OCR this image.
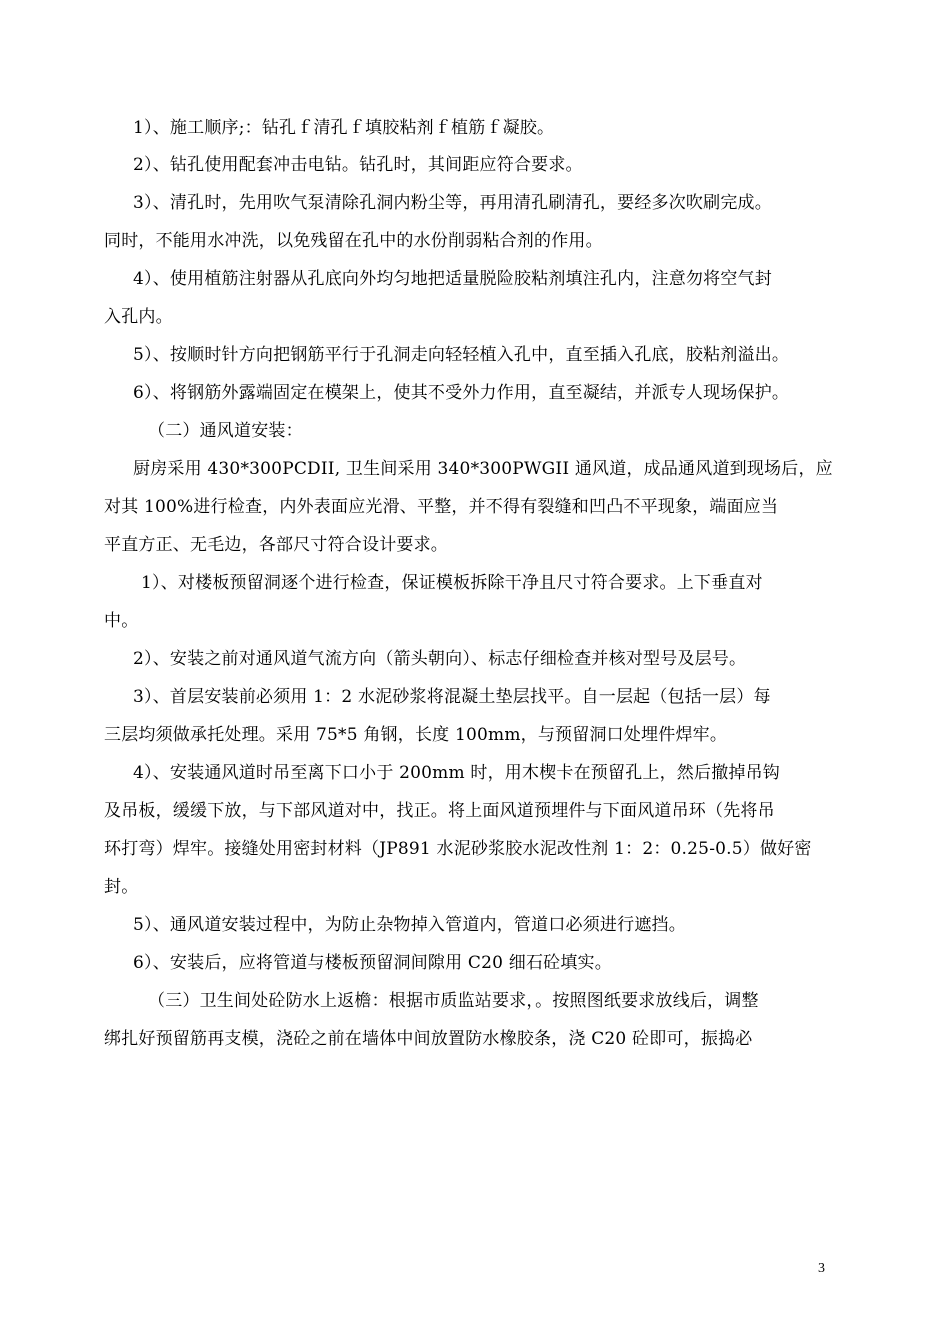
1）、施工顺序;：钻孔ｆ清孔ｆ填胶粘剂ｆ植筋ｆ凝胶。
2）、钻孔使用配套冲击电钻。钻孔时，其间距应符合要求。
3）、清孔时，先用吹气泵清除孔洞内粉尘等，再用清孔刷清孔，要经多次吹刷完成。
同时，不能用水冲洗，以免残留在孔中的水份削弱粘合剂的作用。
4）、使用植筋注射器从孔底向外均匀地把适量脱险胶粘剂填注孔内，注意勿将空气封
入孔内。
5）、按顺时针方向把钢筋平行于孔洞走向轻轻植入孔中，直至插入孔底，胶粘剂溢出。
6）、将钢筋外露端固定在模架上，使其不受外力作用，直至凝结，并派专人现场保护。
（二）通风道安装：
厨房采用 430*300PCDII, 卫生间采用 340*300PWGII 通风道，成品通风道到现场后，应
对其 100%进行检查，内外表面应光滑、平整，并不得有裂缝和凹凸不平现象，端面应当
平直方正、无毛边，各部尺寸符合设计要求。
1）、对楼板预留洞逐个进行检查，保证模板拆除干净且尺寸符合要求。上下垂直对
中。
2）、安装之前对通风道气流方向（箭头朝向）、标志仔细检查并核对型号及层号。
3）、首层安装前必须用 1：2 水泥砂浆将混凝土垫层找平。自一层起（包括一层）每
三层均须做承托处理。采用 75*5 角钢，长度 100mm，与预留洞口处埋件焊牢。
4）、安装通风道时吊至离下口小于 200mm 时，用木楔卡在预留孔上，然后撤掉吊钩
及吊板，缓缓下放，与下部风道对中，找正。将上面风道预埋件与下面风道吊环（先将吊
环打弯）焊牢。接缝处用密封材料（JP891 水泥砂浆胶水泥改性剂 1：2：0.25-0.5）做好密
封。
5）、通风道安装过程中，为防止杂物掉入管道内，管道口必须进行遮挡。
6）、安装后，应将管道与楼板预留洞间隙用 C20 细石砼填实。
（三）卫生间处砼防水上返檐：根据市质监站要求，。按照图纸要求放线后，调整
绑扎好预留筋再支模，浇砼之前在墙体中间放置防水橡胶条，浇 C20 砼即可，振捣必
3
